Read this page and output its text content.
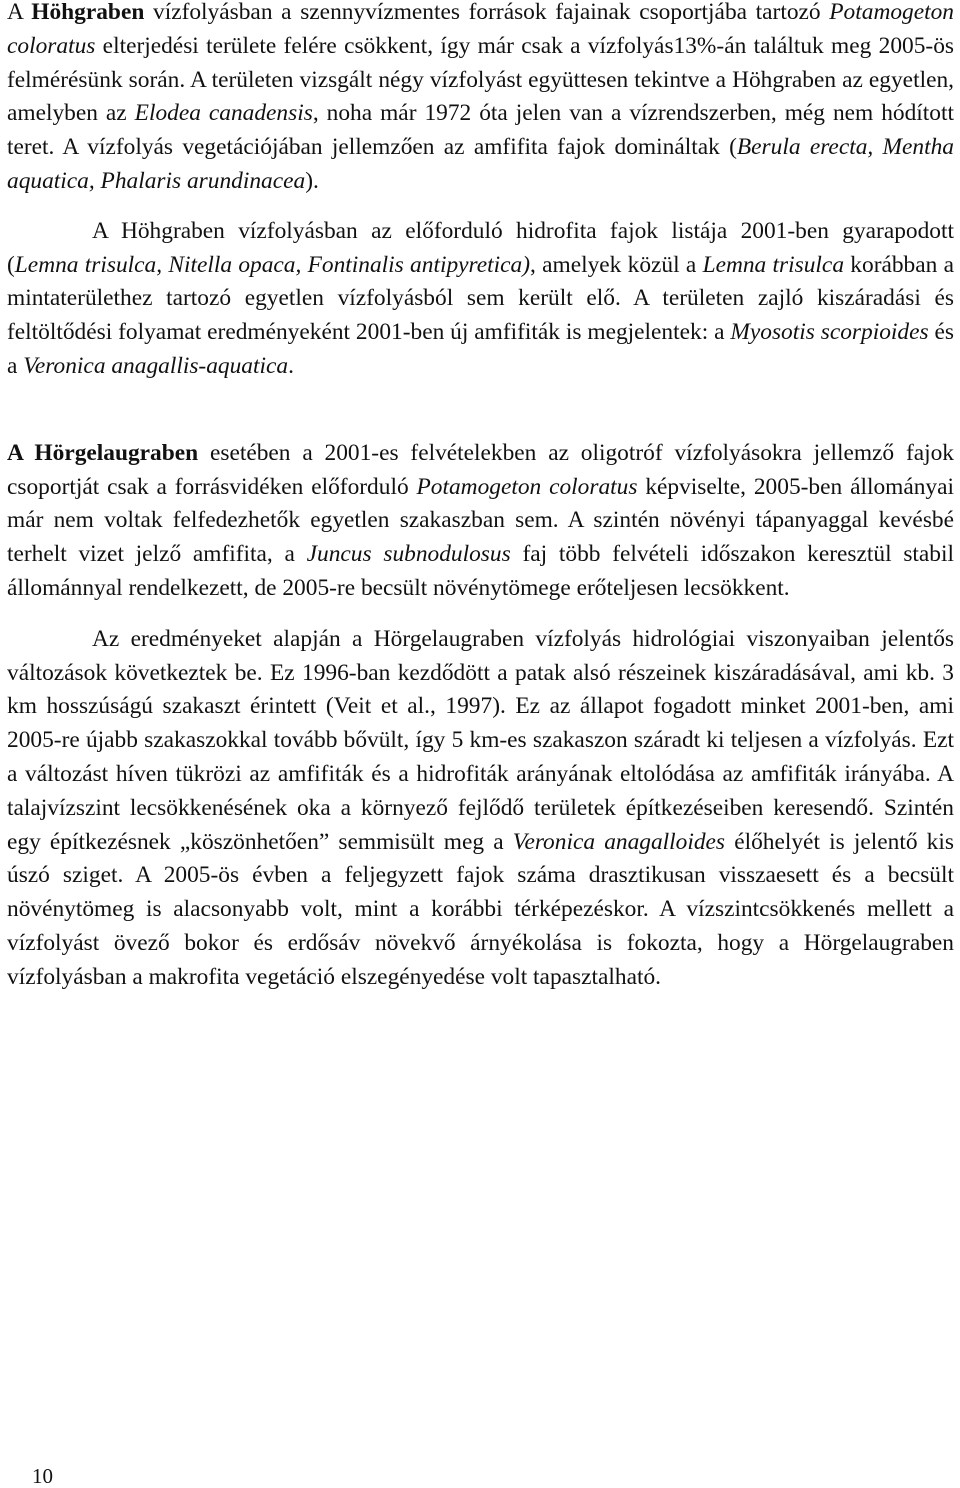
A Höhgraben vízfolyásban a szennyvízmentes források fajainak csoportjába tartozó Potamogeton coloratus elterjedési területe felére csökkent, így már csak a vízfolyás13%-án találtuk meg 2005-ös felmérésünk során. A területen vizsgált négy vízfolyást együttesen tekintve a Höhgraben az egyetlen, amelyben az Elodea canadensis, noha már 1972 óta jelen van a vízrendszerben, még nem hódított teret. A vízfolyás vegetációjában jellemzően az amfifita fajok domináltak (Berula erecta, Mentha aquatica, Phalaris arundinacea).

A Höhgraben vízfolyásban az előforduló hidrofita fajok listája 2001-ben gyarapodott (Lemna trisulca, Nitella opaca, Fontinalis antipyretica), amelyek közül a Lemna trisulca korábban a mintaterülethez tartozó egyetlen vízfolyásból sem került elő. A területen zajló kiszáradási és feltöltődési folyamat eredményeként 2001-ben új amfifiták is megjelentek: a Myosotis scorpioides és a Veronica anagallis-aquatica.

A Hörgelaugraben esetében a 2001-es felvételekben az oligotróf vízfolyásokra jellemző fajok csoportját csak a forrásvidéken előforduló Potamogeton coloratus képviselte, 2005-ben állományai már nem voltak felfedezhetők egyetlen szakaszban sem. A szintén növényi tápanyaggal kevésbé terhelt vizet jelző amfifita, a Juncus subnodulosus faj több felvételi időszakon keresztül stabil állománnyal rendelkezett, de 2005-re becsült növénytömege erőteljesen lecsökkent.

Az eredményeket alapján a Hörgelaugraben vízfolyás hidrológiai viszonyaiban jelentős változások következtek be. Ez 1996-ban kezdődött a patak alsó részeinek kiszáradásával, ami kb. 3 km hosszúságú szakaszt érintett (Veit et al., 1997). Ez az állapot fogadott minket 2001-ben, ami 2005-re újabb szakaszokkal tovább bővült, így 5 km-es szakaszon száradt ki teljesen a vízfolyás. Ezt a változást híven tükrözi az amfifiták és a hidrofiták arányának eltolódása az amfifiták irányába. A talajvízszint lecsökkenésének oka a környező fejlődő területek építkezéseiben keresendő. Szintén egy építkezésnek „köszönhetően” semmisült meg a Veronica anagalloides élőhelyét is jelentő kis úszó sziget. A 2005-ös évben a feljegyzett fajok száma drasztikusan visszaesett és a becsült növénytömeg is alacsonyabb volt, mint a korábbi térképezéskor. A vízszintcsökkenés mellett a vízfolyást övező bokor és erdősáv növekvő árnyékolása is fokozta, hogy a Hörgelaugraben vízfolyásban a makrofita vegetáció elszegényedése volt tapasztalható.

10
